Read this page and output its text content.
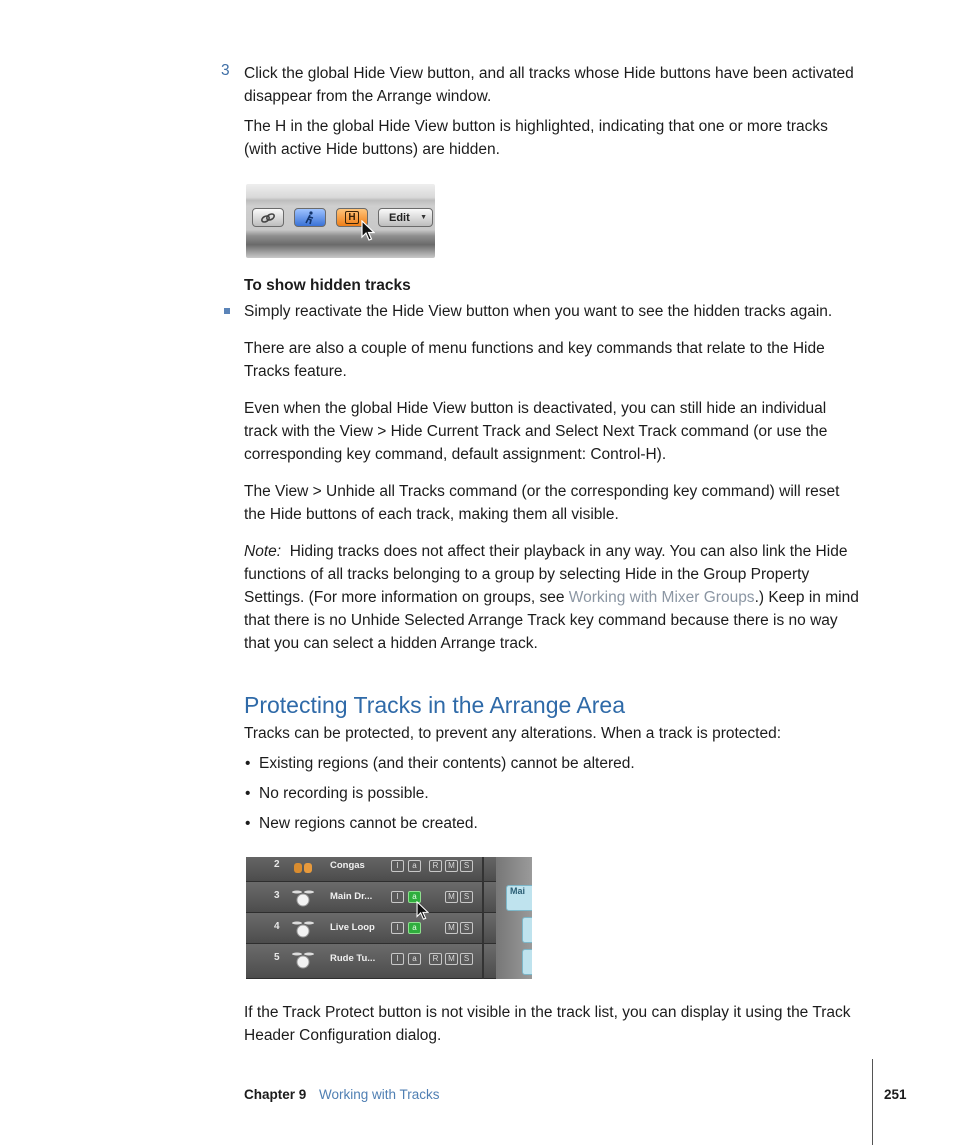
3 Click the global Hide View button, and all tracks whose Hide buttons have been activated
disappear from the Arrange window.
The H in the global Hide View button is highlighted, indicating that one or more tracks
(with active Hide buttons) are hidden.
H	Edit ▼
To show hidden tracks
Simply reactivate the Hide View button when you want to see the hidden tracks again.
There are also a couple of menu functions and key commands that relate to the Hide
Tracks feature.
Even when the global Hide View button is deactivated, you can still hide an individual
track with the View > Hide Current Track and Select Next Track command (or use the
corresponding key command, default assignment: Control-H).
The View > Unhide all Tracks command (or the corresponding key command) will reset
the Hide buttons of each track, making them all visible.
Note: Hiding tracks does not affect their playback in any way. You can also link the Hide
functions of all tracks belonging to a group by selecting Hide in the Group Property
Settings. (For more information on groups, see Working with Mixer Groups.) Keep in mind
that there is no Unhide Selected Arrange Track key command because there is no way
that you can select a hidden Arrange track.
Protecting Tracks in the Arrange Area
Tracks can be protected, to prevent any alterations. When a track is protected:
• Existing regions (and their contents) cannot be altered.
• No recording is possible.
• New regions cannot be created.
2	Congas	I	a	R	M	S
3	Main Dr...	I	a	M	S
4	Live Loop	I	a	M	S
5	Rude Tu...	I	a	R	M	S
Mai
If the Track Protect button is not visible in the track list, you can display it using the Track
Header Configuration dialog.
Chapter 9 Working with Tracks	251
